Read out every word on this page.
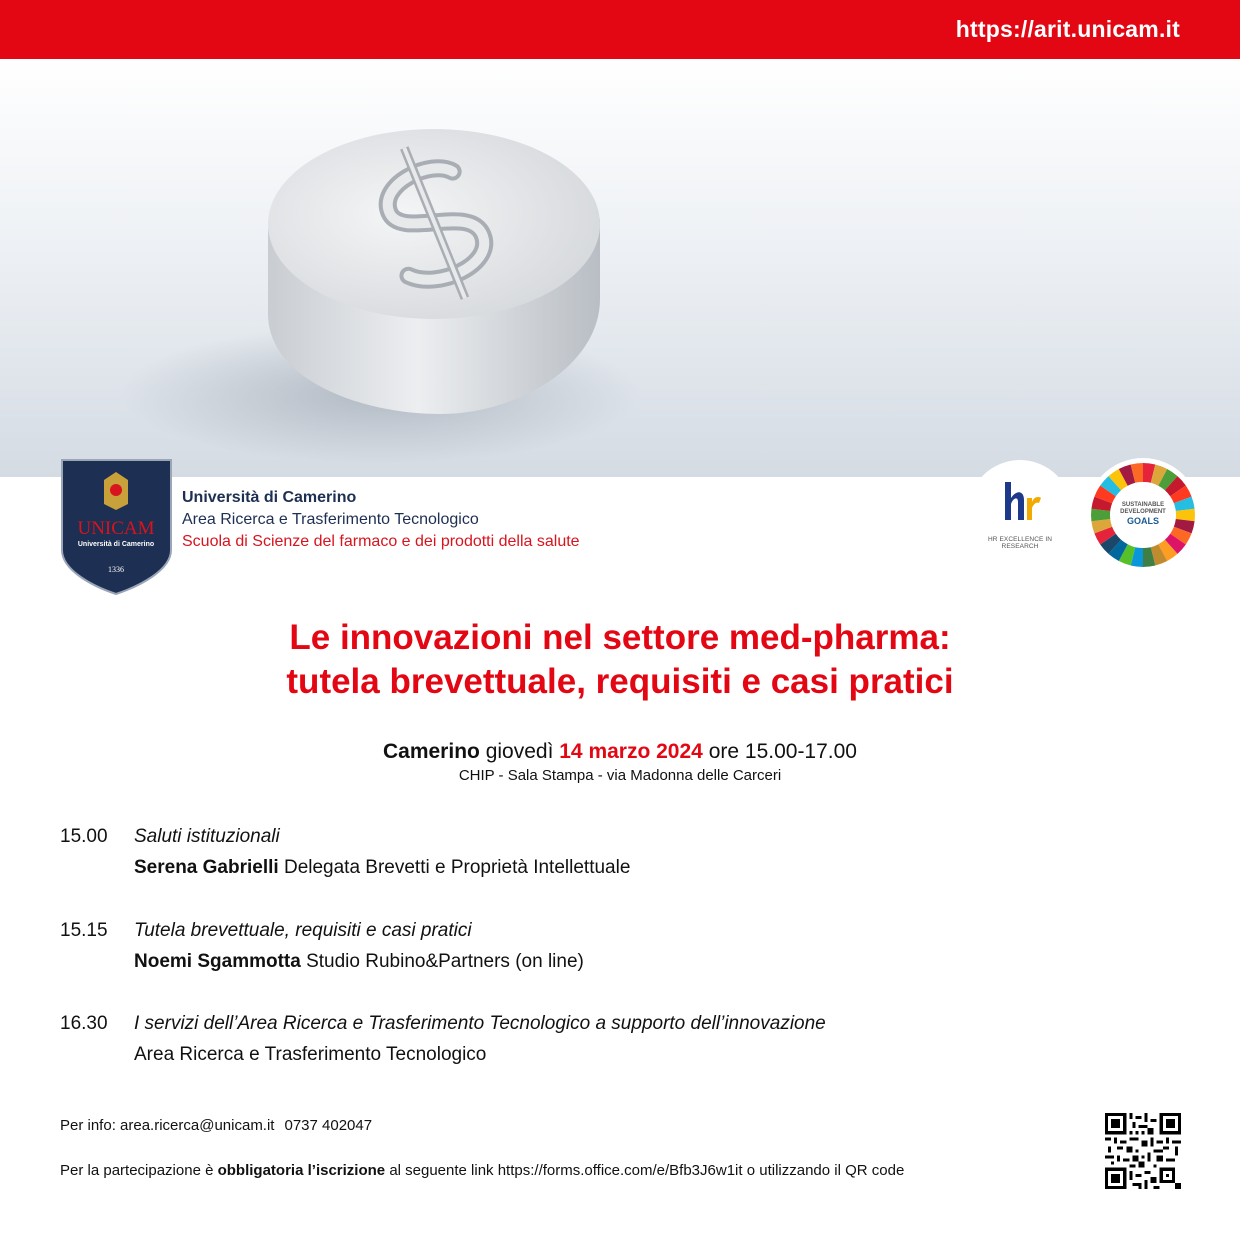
https://arit.unicam.it
UNICAM
Università di Camerino
1336
Università di Camerino
Area Ricerca e Trasferimento Tecnologico
Scuola di Scienze del farmaco e dei prodotti della salute	HR EXCELLENCE IN RESEARCH
SUSTAINABLE DEVELOPMENT
GOALS
Le innovazioni nel settore med-pharma:
tutela brevettuale, requisiti e casi pratici
Camerino giovedì 14 marzo 2024 ore 15.00-17.00
CHIP - Sala Stampa - via Madonna delle Carceri
15.00	Saluti istituzionali
Serena Gabrielli Delegata Brevetti e Proprietà Intellettuale
15.15	Tutela brevettuale, requisiti e casi pratici
Noemi Sgammotta Studio Rubino&Partners (on line)
16.30	I servizi dell’Area Ricerca e Trasferimento Tecnologico a supporto dell’innovazione
Area Ricerca e Trasferimento Tecnologico
Per info: area.ricerca@unicam.it 0737 402047
Per la partecipazione è obbligatoria l’iscrizione al seguente link https://forms.office.com/e/Bfb3J6w1it o utilizzando il QR code
